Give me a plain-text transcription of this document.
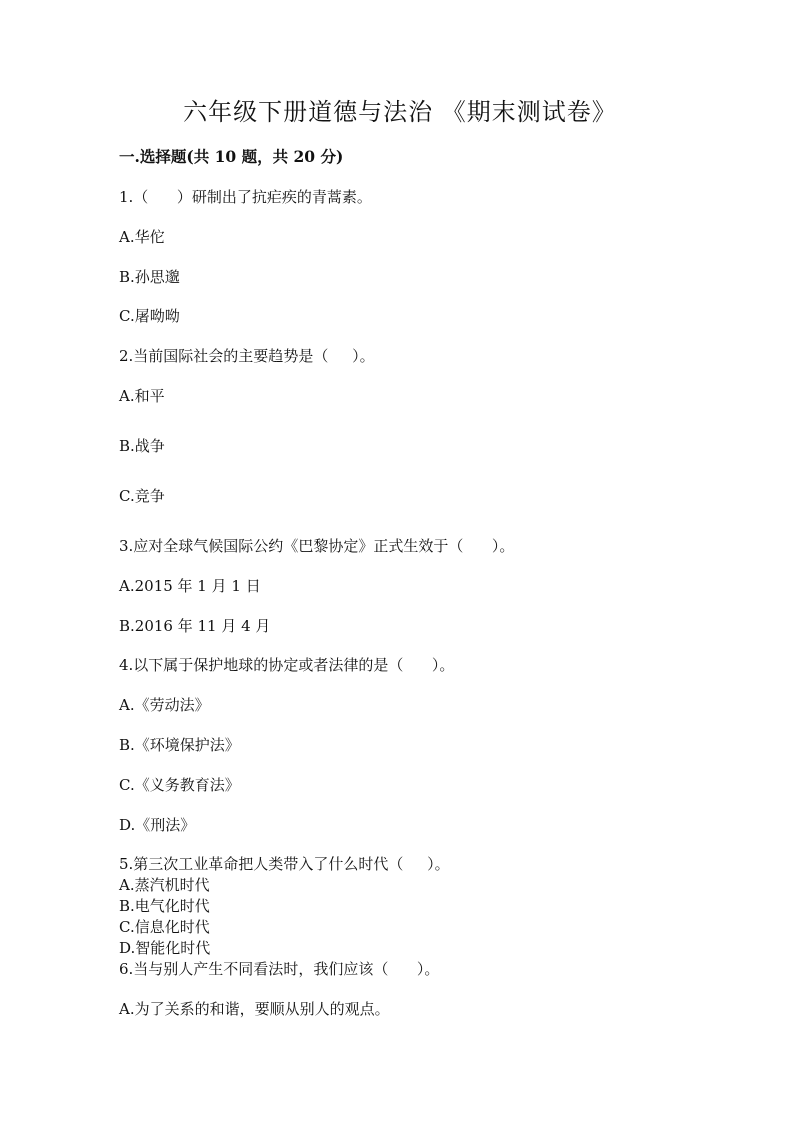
六年级下册道德与法治 《期末测试卷》
一.选择题(共 10 题，共 20 分)
1.（      ）研制出了抗疟疾的青蒿素。
A.华佗
B.孙思邈
C.屠呦呦
2.当前国际社会的主要趋势是（     ）。
A.和平
B.战争
C.竞争
3.应对全球气候国际公约《巴黎协定》正式生效于（      ）。
A.2015 年 1 月 1 日
B.2016 年 11 月 4 月
4.以下属于保护地球的协定或者法律的是（      ）。
A.《劳动法》
B.《环境保护法》
C.《义务教育法》
D.《刑法》
5.第三次工业革命把人类带入了什么时代（     ）。
A.蒸汽机时代
B.电气化时代
C.信息化时代
D.智能化时代
6.当与别人产生不同看法时，我们应该（      ）。
A.为了关系的和谐，要顺从别人的观点。
